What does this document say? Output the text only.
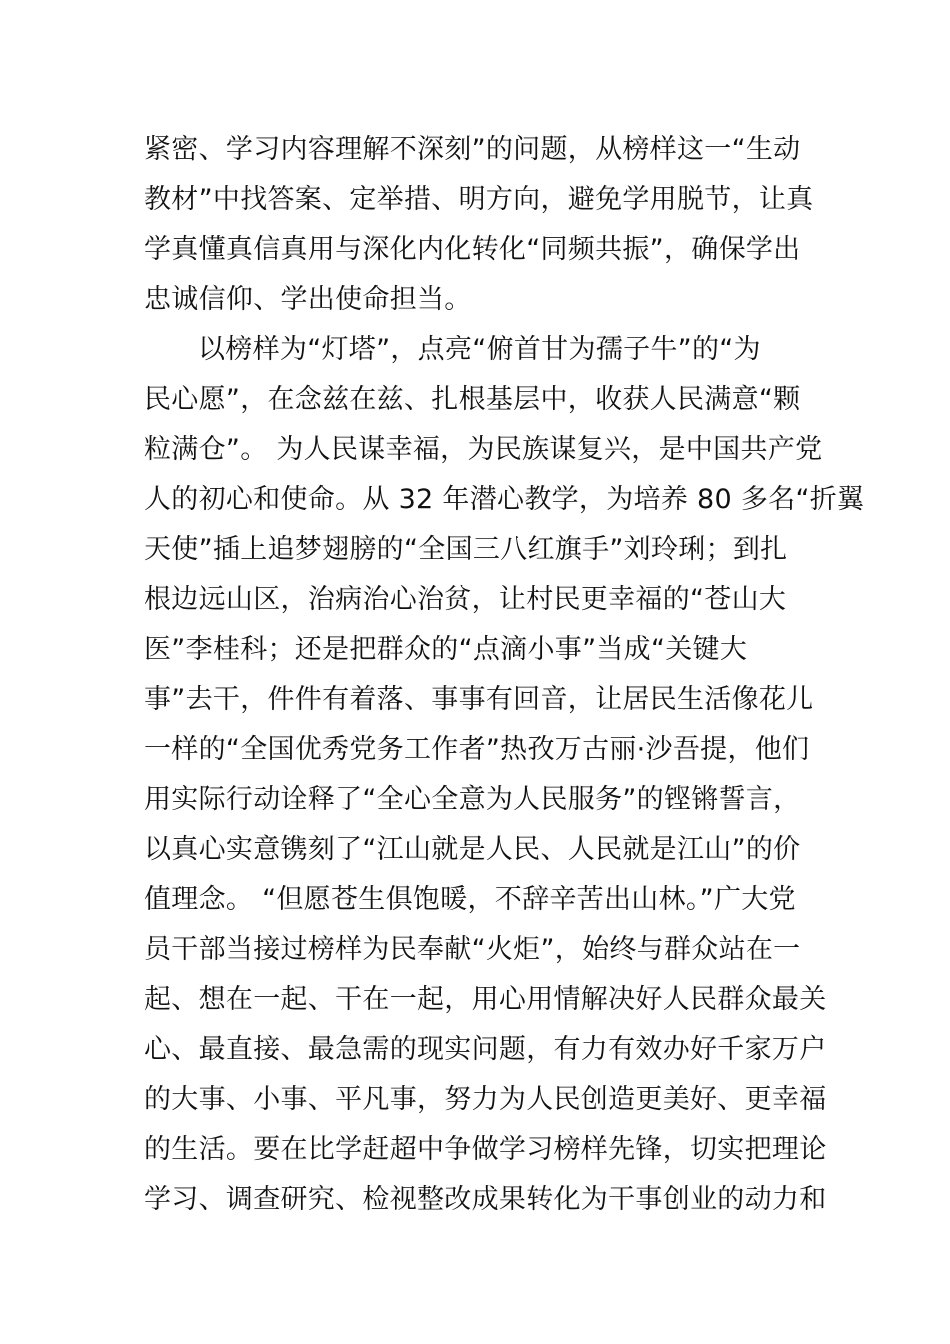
紧密、学习内容理解不深刻”的问题，从榜样这一“生动
教材”中找答案、定举措、明方向，避免学用脱节，让真
学真懂真信真用与深化内化转化“同频共振”，确保学出
忠诚信仰、学出使命担当。
以榜样为“灯塔”，点亮“俯首甘为孺子牛”的“为
民心愿”，在念兹在兹、扎根基层中，收获人民满意“颗
粒满仓”。 为人民谋幸福，为民族谋复兴，是中国共产党
人的初心和使命。从 32 年潜心教学，为培养 80 多名“折翼
天使”插上追梦翅膀的“全国三八红旗手”刘玲琍；到扎
根边远山区，治病治心治贫，让村民更幸福的“苍山大
医”李桂科；还是把群众的“点滴小事”当成“关键大
事”去干，件件有着落、事事有回音，让居民生活像花儿
一样的“全国优秀党务工作者”热孜万古丽·沙吾提，他们
用实际行动诠释了“全心全意为人民服务”的铿锵誓言，
以真心实意镌刻了“江山就是人民、人民就是江山”的价
值理念。 “但愿苍生俱饱暖，不辞辛苦出山林。”广大党
员干部当接过榜样为民奉献“火炬”，始终与群众站在一
起、想在一起、干在一起，用心用情解决好人民群众最关
心、最直接、最急需的现实问题，有力有效办好千家万户
的大事、小事、平凡事，努力为人民创造更美好、更幸福
的生活。要在比学赶超中争做学习榜样先锋，切实把理论
学习、调查研究、检视整改成果转化为干事创业的动力和
